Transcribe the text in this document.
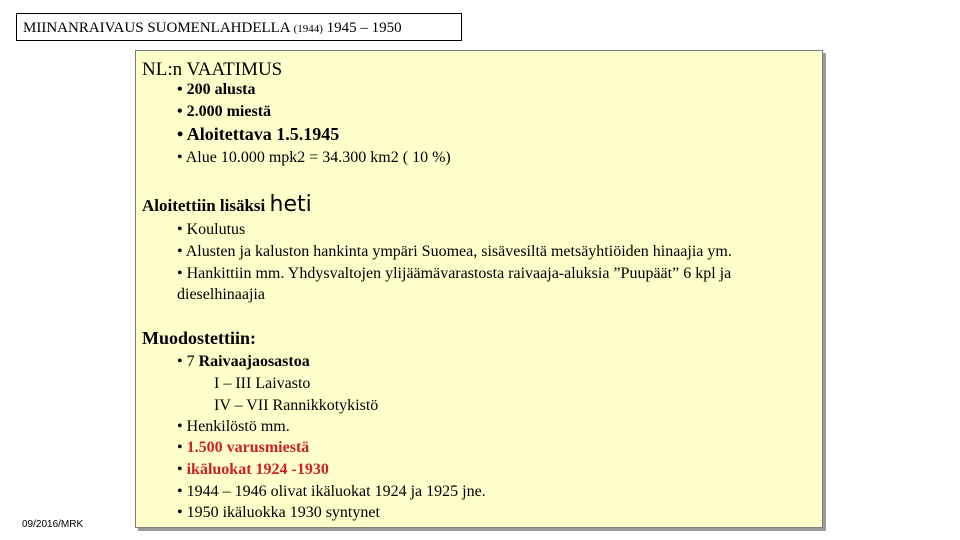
MIINANRAIVAUS SUOMENLAHDELLA (1944) 1945 – 1950
NL:n VAATIMUS
• 200 alusta
• 2.000 miestä
• Aloitettava 1.5.1945
• Alue 10.000 mpk2 = 34.300 km2 ( 10 %)
Aloitettiin lisäksi heti
• Koulutus
• Alusten ja kaluston hankinta ympäri Suomea, sisävesiltä metsäyhtiöiden hinaajia ym.
• Hankittiin mm. Yhdysvaltojen ylijäämävarastosta raivaaja-aluksia ”Puupäät” 6 kpl ja
dieselhinaajia
Muodostettiin:
• 7 Raivaajaosastoa
I – III Laivasto
IV – VII Rannikkotykistö
• Henkilöstö mm.
• 1.500 varusmiestä
• ikäluokat 1924 -1930
• 1944 – 1946 olivat ikäluokat 1924 ja 1925 jne.
• 1950 ikäluokka 1930 syntynet
09/2016/MRK
